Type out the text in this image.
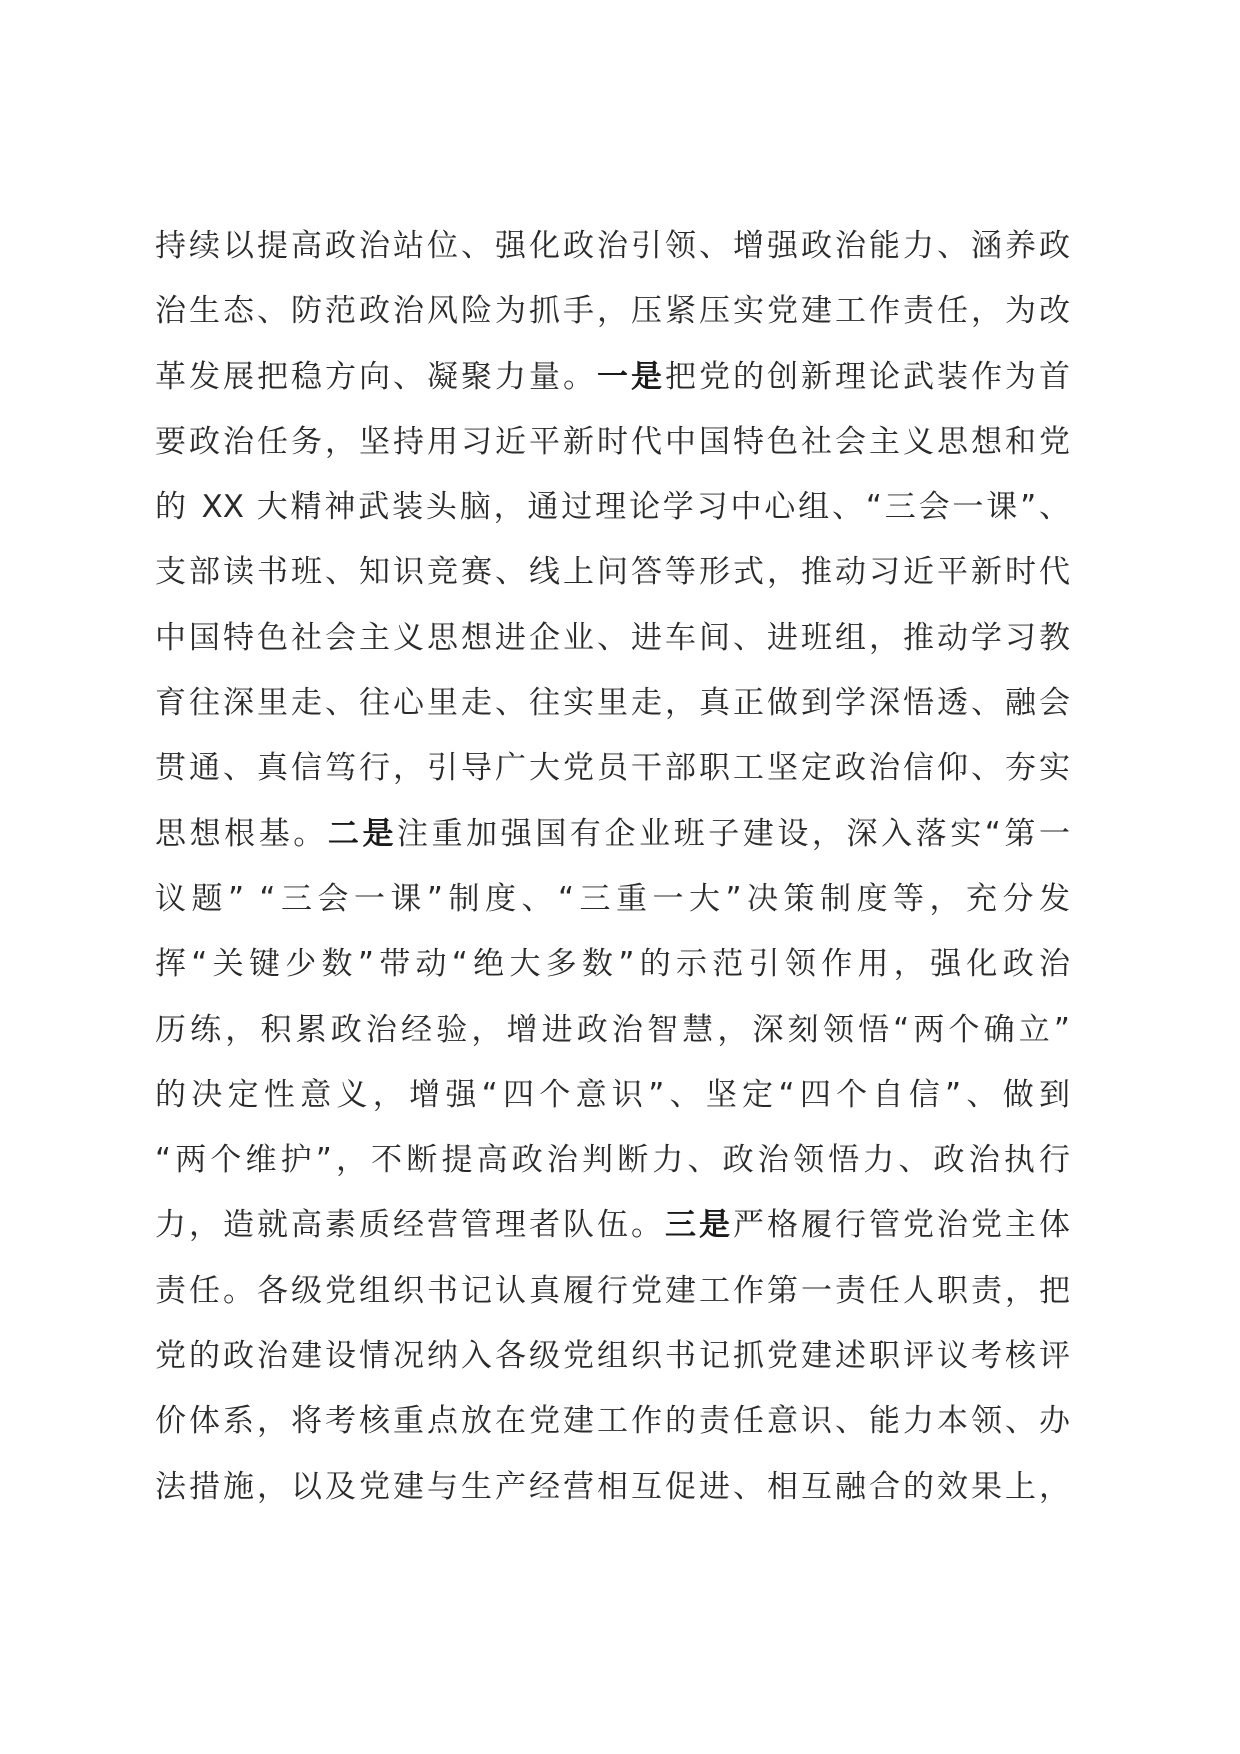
持续以提高政治站位、强化政治引领、增强政治能力、涵养政
治生态、防范政治风险为抓手，压紧压实党建工作责任，为改
革发展把稳方向、凝聚力量。一是把党的创新理论武装作为首
要政治任务，坚持用习近平新时代中国特色社会主义思想和党
的 XX 大精神武装头脑，通过理论学习中心组、“三会一课”、
支部读书班、知识竞赛、线上问答等形式，推动习近平新时代
中国特色社会主义思想进企业、进车间、进班组，推动学习教
育往深里走、往心里走、往实里走，真正做到学深悟透、融会
贯通、真信笃行，引导广大党员干部职工坚定政治信仰、夯实
思想根基。二是注重加强国有企业班子建设，深入落实“第一
议题” “三会一课”制度、“三重一大”决策制度等，充分发
挥“关键少数”带动“绝大多数”的示范引领作用，强化政治
历练，积累政治经验，增进政治智慧，深刻领悟“两个确立”
的决定性意义，增强“四个意识”、坚定“四个自信”、做到
“两个维护”，不断提高政治判断力、政治领悟力、政治执行
力，造就高素质经营管理者队伍。三是严格履行管党治党主体
责任。各级党组织书记认真履行党建工作第一责任人职责，把
党的政治建设情况纳入各级党组织书记抓党建述职评议考核评
价体系，将考核重点放在党建工作的责任意识、能力本领、办
法措施，以及党建与生产经营相互促进、相互融合的效果上，
